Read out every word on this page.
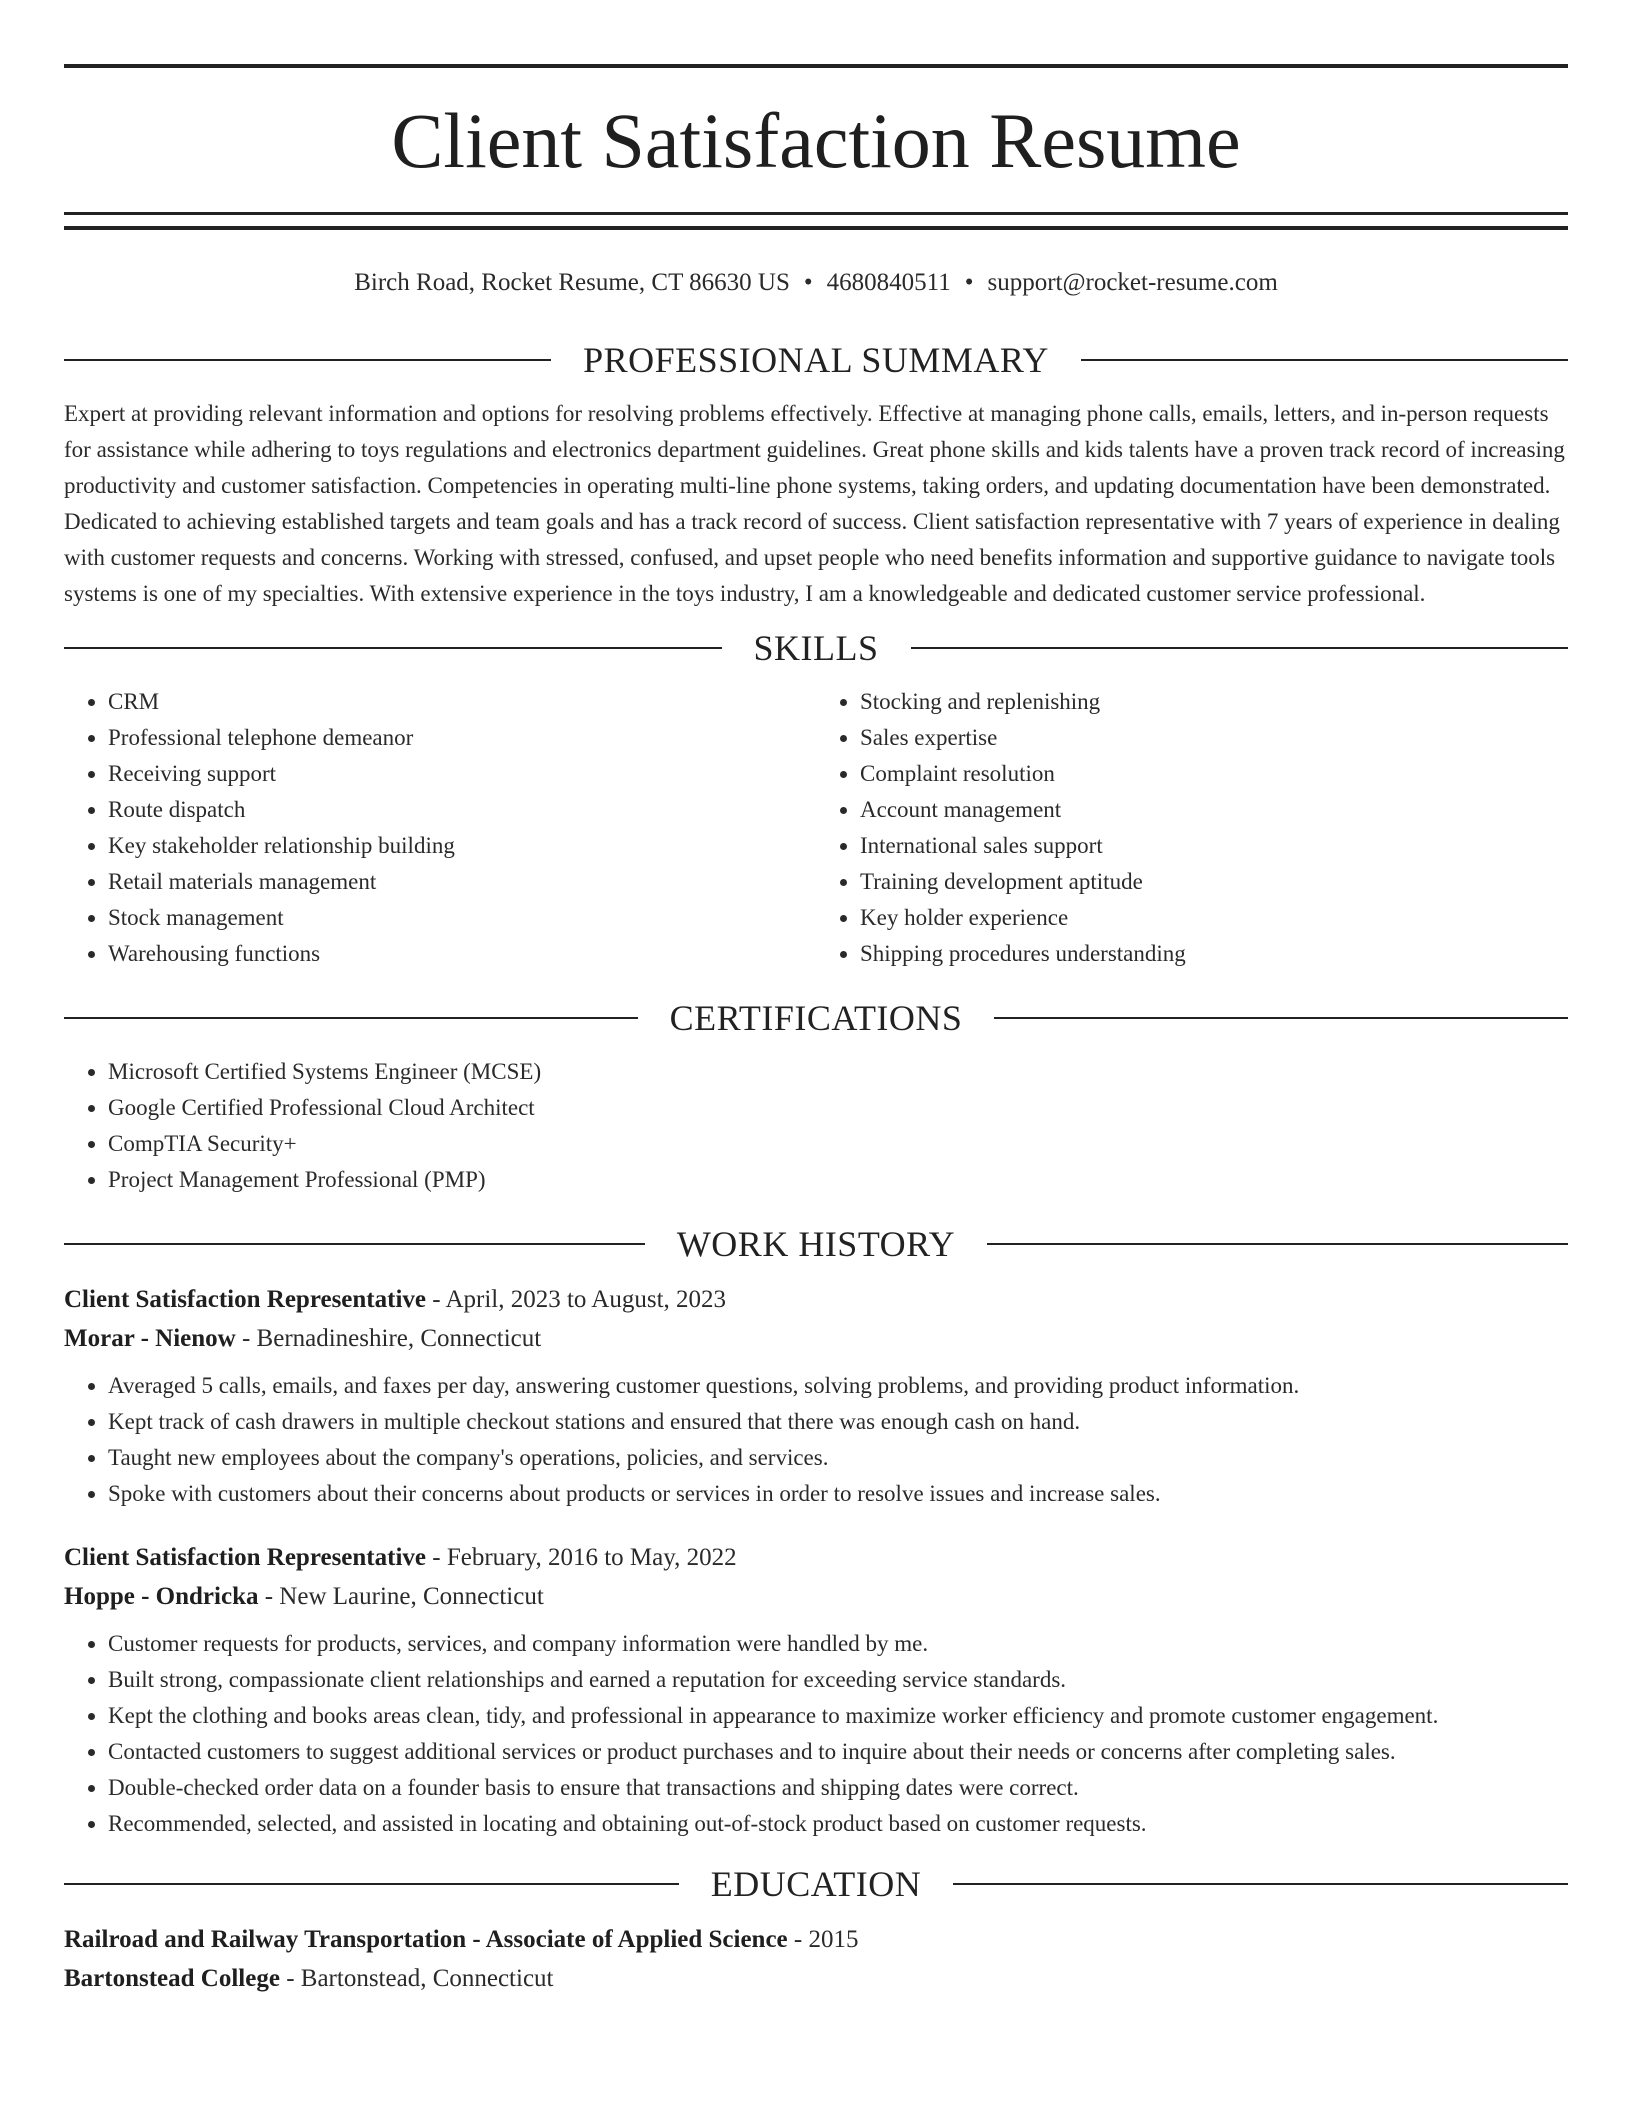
Client Satisfaction Resume
Birch Road, Rocket Resume, CT 86630 US • 4680840511 • support@rocket-resume.com
PROFESSIONAL SUMMARY

Expert at providing relevant information and options for resolving problems effectively. Effective at managing phone calls, emails, letters, and in-person requests for assistance while adhering to toys regulations and electronics department guidelines. Great phone skills and kids talents have a proven track record of increasing productivity and customer satisfaction. Competencies in operating multi-line phone systems, taking orders, and updating documentation have been demonstrated. Dedicated to achieving established targets and team goals and has a track record of success. Client satisfaction representative with 7 years of experience in dealing with customer requests and concerns. Working with stressed, confused, and upset people who need benefits information and supportive guidance to navigate tools systems is one of my specialties. With extensive experience in the toys industry, I am a knowledgeable and dedicated customer service professional.

SKILLS
• CRM
• Professional telephone demeanor
• Receiving support
• Route dispatch
• Key stakeholder relationship building
• Retail materials management
• Stock management
• Warehousing functions
• Stocking and replenishing
• Sales expertise
• Complaint resolution
• Account management
• International sales support
• Training development aptitude
• Key holder experience
• Shipping procedures understanding
CERTIFICATIONS
• Microsoft Certified Systems Engineer (MCSE)
• Google Certified Professional Cloud Architect
• CompTIA Security+
• Project Management Professional (PMP)
WORK HISTORY
Client Satisfaction Representative - April, 2023 to August, 2023
Morar - Nienow - Bernadineshire, Connecticut
• Averaged 5 calls, emails, and faxes per day, answering customer questions, solving problems, and providing product information.
• Kept track of cash drawers in multiple checkout stations and ensured that there was enough cash on hand.
• Taught new employees about the company's operations, policies, and services.
• Spoke with customers about their concerns about products or services in order to resolve issues and increase sales.
Client Satisfaction Representative - February, 2016 to May, 2022
Hoppe - Ondricka - New Laurine, Connecticut
• Customer requests for products, services, and company information were handled by me.
• Built strong, compassionate client relationships and earned a reputation for exceeding service standards.
• Kept the clothing and books areas clean, tidy, and professional in appearance to maximize worker efficiency and promote customer engagement.
• Contacted customers to suggest additional services or product purchases and to inquire about their needs or concerns after completing sales.
• Double-checked order data on a founder basis to ensure that transactions and shipping dates were correct.
• Recommended, selected, and assisted in locating and obtaining out-of-stock product based on customer requests.
EDUCATION
Railroad and Railway Transportation - Associate of Applied Science - 2015
Bartonstead College - Bartonstead, Connecticut
